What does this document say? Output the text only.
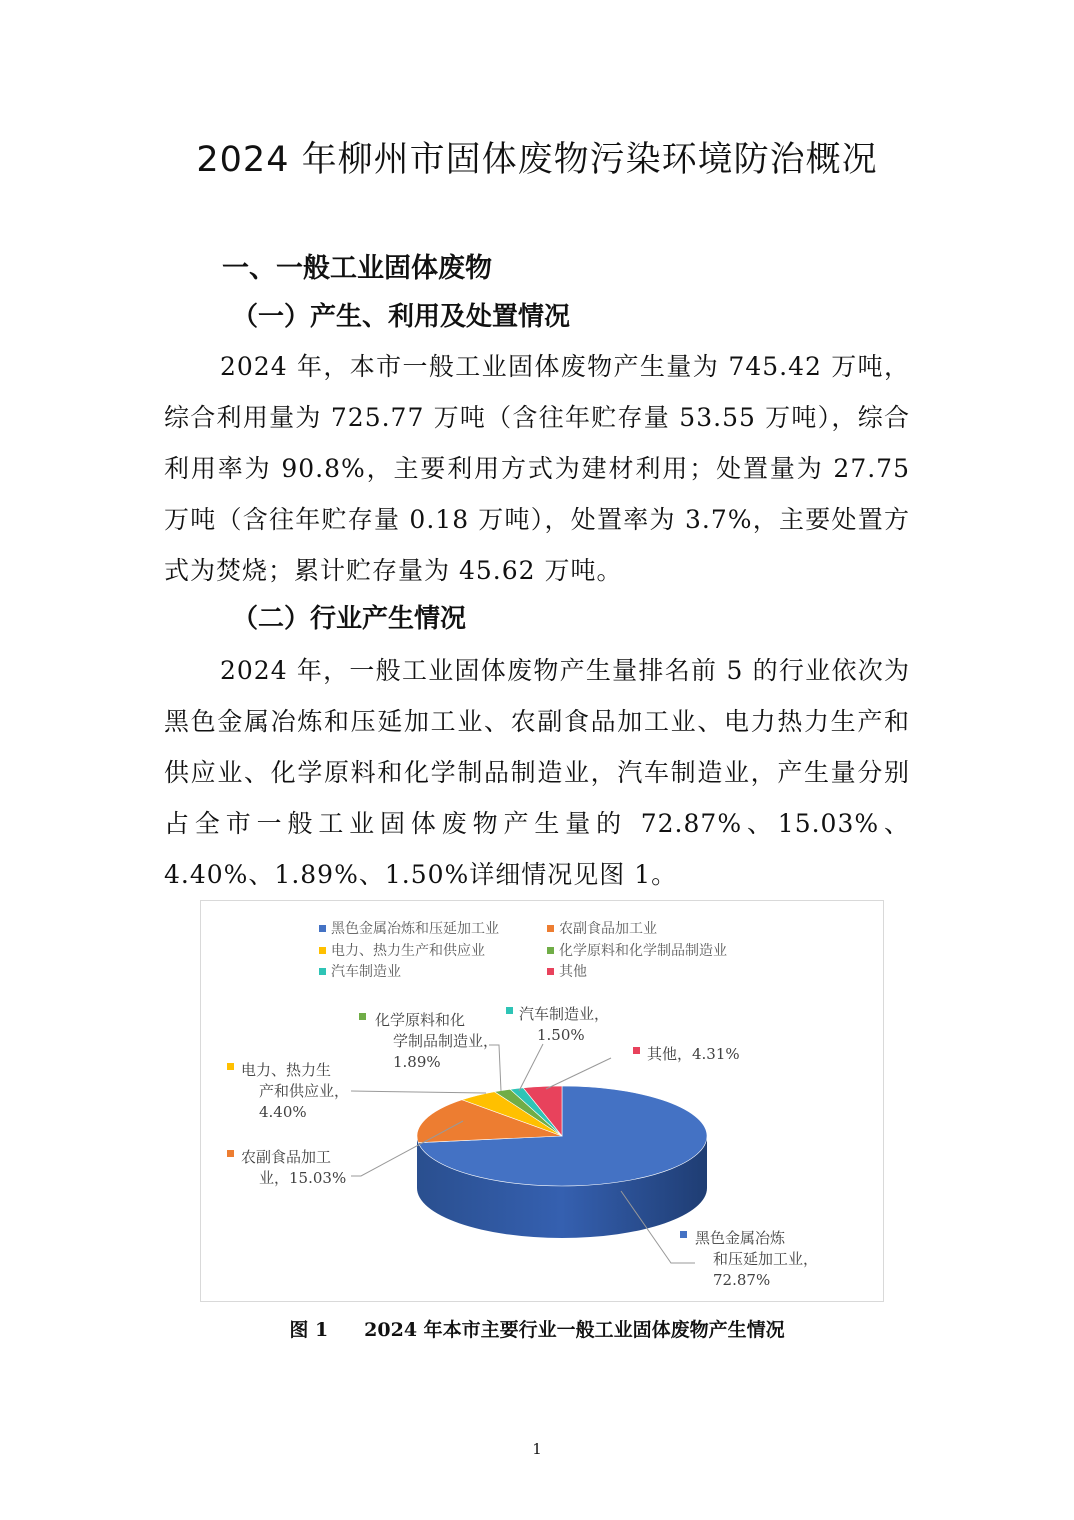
2024 年柳州市固体废物污染环境防治概况
一、一般工业固体废物
（一）产生、利用及处置情况
2024 年，本市一般工业固体废物产生量为 745.42 万吨，综合利用量为 725.77 万吨（含往年贮存量 53.55 万吨），综合利用率为 90.8%，主要利用方式为建材利用；处置量为 27.75 万吨（含往年贮存量 0.18 万吨），处置率为 3.7%，主要处置方式为焚烧；累计贮存量为 45.62 万吨。
（二）行业产生情况
2024 年，一般工业固体废物产生量排名前 5 的行业依次为黑色金属冶炼和压延加工业、农副食品加工业、电力热力生产和供应业、化学原料和化学制品制造业，汽车制造业，产生量分别占全市一般工业固体废物产生量的 72.87%、15.03%、4.40%、1.89%、1.50%详细情况见图 1。
黑色金属冶炼
和压延加工业，
72.87%
农副食品加工
业，15.03%
电力、热力生
产和供应业，
4.40%
化学原料和化
学制品制造业，
1.89%
汽车制造业，
1.50%
其他，4.31%
黑色金属冶炼和压延加工业	农副食品加工业
电力、热力生产和供应业	化学原料和化学制品制造业
汽车制造业	其他
图 1 2024 年本市主要行业一般工业固体废物产生情况
1
